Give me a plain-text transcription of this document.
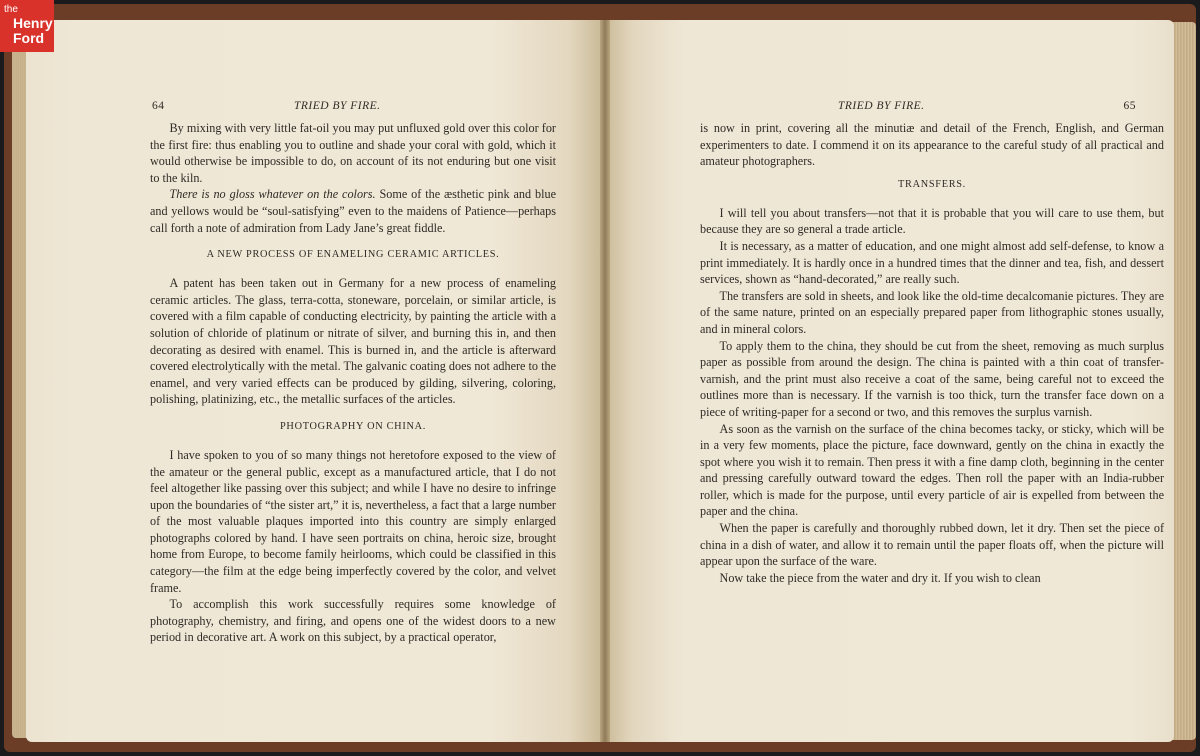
64	TRIED BY FIRE.

By mixing with very little fat-oil you may put unfluxed gold over this color for the first fire: thus enabling you to outline and shade your coral with gold, which it would otherwise be impossible to do, on account of its not enduring but one visit to the kiln.

There is no gloss whatever on the colors. Some of the æsthetic pink and blue and yellows would be “soul-satisfying” even to the maidens of Patience—perhaps call forth a note of admiration from Lady Jane’s great fiddle.

A NEW PROCESS OF ENAMELING CERAMIC ARTICLES.

A patent has been taken out in Germany for a new process of enameling ceramic articles. The glass, terra-cotta, stoneware, porcelain, or similar article, is covered with a film capable of conducting electricity, by painting the article with a solution of chloride of platinum or nitrate of silver, and burning this in, and then decorating as desired with enamel. This is burned in, and the article is afterward covered electrolytically with the metal. The galvanic coating does not adhere to the enamel, and very varied effects can be produced by gilding, silvering, coloring, polishing, platinizing, etc., the metallic surfaces of the articles.

PHOTOGRAPHY ON CHINA.

I have spoken to you of so many things not heretofore exposed to the view of the amateur or the general public, except as a manufactured article, that I do not feel altogether like passing over this subject; and while I have no desire to infringe upon the boundaries of “the sister art,” it is, nevertheless, a fact that a large number of the most valuable plaques imported into this country are simply enlarged photographs colored by hand. I have seen portraits on china, heroic size, brought home from Europe, to become family heirlooms, which could be classified in this category—the film at the edge being imperfectly covered by the color, and velvet frame.

To accomplish this work successfully requires some knowledge of photography, chemistry, and firing, and opens one of the widest doors to a new period in decorative art. A work on this subject, by a practical operator,

TRIED BY FIRE.	65

is now in print, covering all the minutiæ and detail of the French, English, and German experimenters to date. I commend it on its appearance to the careful study of all practical and amateur photographers.

TRANSFERS.

I will tell you about transfers—not that it is probable that you will care to use them, but because they are so general a trade article.

It is necessary, as a matter of education, and one might almost add self-defense, to know a print immediately. It is hardly once in a hundred times that the dinner and tea, fish, and dessert services, shown as “hand-decorated,” are really such.

The transfers are sold in sheets, and look like the old-time decalcomanie pictures. They are of the same nature, printed on an especially prepared paper from lithographic stones usually, and in mineral colors.

To apply them to the china, they should be cut from the sheet, removing as much surplus paper as possible from around the design. The china is painted with a thin coat of transfer-varnish, and the print must also receive a coat of the same, being careful not to exceed the outlines more than is necessary. If the varnish is too thick, turn the transfer face down on a piece of writing-paper for a second or two, and this removes the surplus varnish.

As soon as the varnish on the surface of the china becomes tacky, or sticky, which will be in a very few moments, place the picture, face downward, gently on the china in exactly the spot where you wish it to remain. Then press it with a fine damp cloth, beginning in the center and pressing carefully outward toward the edges. Then roll the paper with an India-rubber roller, which is made for the purpose, until every particle of air is expelled from between the paper and the china.

When the paper is carefully and thoroughly rubbed down, let it dry. Then set the piece of china in a dish of water, and allow it to remain until the paper floats off, when the picture will appear upon the surface of the ware.

Now take the piece from the water and dry it. If you wish to clean

the
Henry
Ford
